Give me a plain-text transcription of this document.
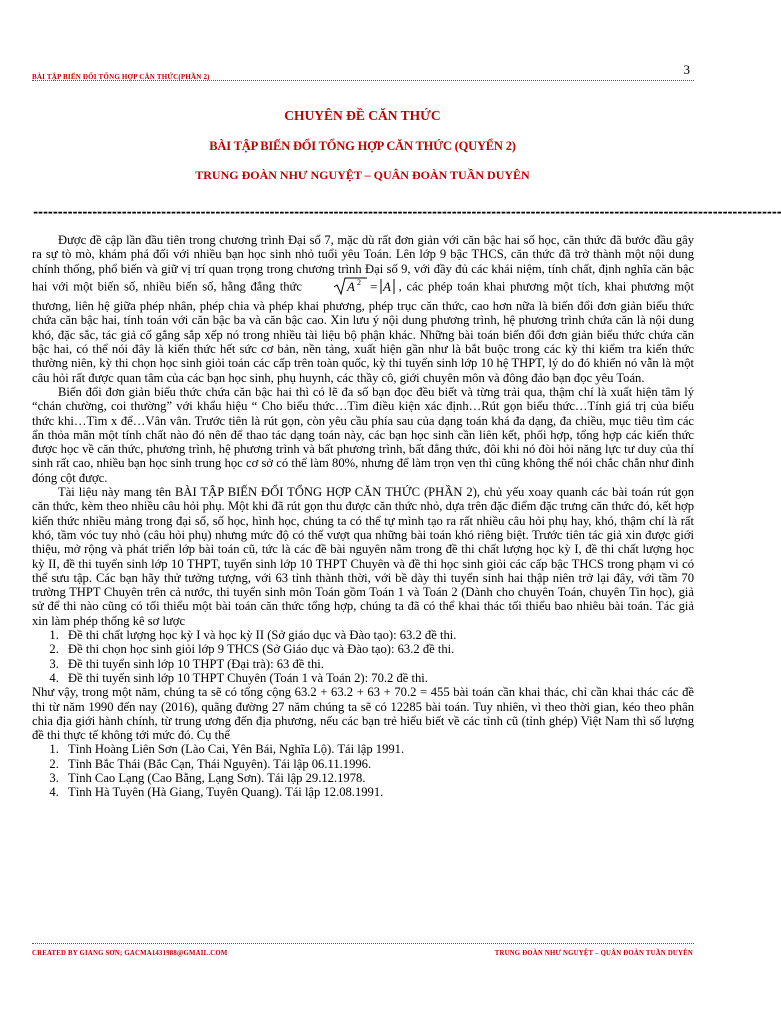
BÀI TẬP BIẾN ĐỔI TỔNG HỢP CĂN THỨC(PHẦN 2)	3
CHUYÊN ĐỀ CĂN THỨC
BÀI TẬP BIẾN ĐỔI TỔNG HỢP CĂN THỨC (QUYỂN 2)
TRUNG ĐOÀN NHƯ NGUYỆT – QUÂN ĐOÀN TUẦN DUYÊN
--------------------------------------------------------------------------------------------------------------------------------------------------------

Được đề cập lần đầu tiên trong chương trình Đại số 7, mặc dù rất đơn giản với căn bậc hai số học, căn thức đã bước đầu gây ra sự tò mò, khám phá đối với nhiều bạn học sinh nhỏ tuổi yêu Toán. Lên lớp 9 bậc THCS, căn thức đã trở thành một nội dung chính thống, phổ biến và giữ vị trí quan trọng trong chương trình Đại số 9, với đầy đủ các khái niệm, tính chất, định nghĩa căn bậc hai với một biến số, nhiều biến số, hằng đẳng thức	A 2 = A , các phép toán khai phương một tích, khai phương một thương, liên hệ giữa phép nhân, phép chia và phép khai phương, phép trục căn thức, cao hơn nữa là biến đổi đơn giản biểu thức chứa căn bậc hai, tính toán với căn bậc ba và căn bậc cao. Xin lưu ý nội dung phương trình, hệ phương trình chứa căn là nội dung khó, đặc sắc, tác giả cố gắng sắp xếp nó trong nhiều tài liệu bộ phận khác. Những bài toán biến đổi đơn giản biểu thức chứa căn bậc hai, có thể nói đây là kiến thức hết sức cơ bản, nền tảng, xuất hiện gần như là bắt buộc trong các kỳ thi kiểm tra kiến thức thường niên, kỳ thi chọn học sinh giỏi toán các cấp trên toàn quốc, kỳ thi tuyển sinh lớp 10 hệ THPT, lý do đó khiến nó vẫn là một câu hỏi rất được quan tâm của các bạn học sinh, phụ huynh, các thầy cô, giới chuyên môn và đông đảo bạn đọc yêu Toán.

Biến đổi đơn giản biểu thức chứa căn bậc hai thì có lẽ đa số bạn đọc đều biết và từng trải qua, thậm chí là xuất hiện tâm lý “chán chường, coi thường” với khẩu hiệu “ Cho biểu thức…Tìm điều kiện xác định…Rút gọn biểu thức…Tính giá trị của biểu thức khi…Tìm x để…Vân vân. Trước tiên là rút gọn, còn yêu cầu phía sau của dạng toán khá đa dạng, đa chiều, mục tiêu tìm các ẩn thỏa mãn một tính chất nào đó nên để thao tác dạng toán này, các bạn học sinh cần liên kết, phối hợp, tổng hợp các kiến thức được học về căn thức, phương trình, hệ phương trình và bất phương trình, bất đẳng thức, đôi khi nó đòi hỏi năng lực tư duy của thí sinh rất cao, nhiều bạn học sinh trung học cơ sở có thể làm 80%, nhưng để làm trọn vẹn thì cũng không thể nói chắc chắn như đinh đóng cột được.

Tài liệu này mang tên BÀI TẬP BIẾN ĐỔI TỔNG HỢP CĂN THỨC (PHẦN 2), chủ yếu xoay quanh các bài toán rút gọn căn thức, kèm theo nhiều câu hỏi phụ. Một khi đã rút gọn thu được căn thức nhỏ, dựa trên đặc điểm đặc trưng căn thức đó, kết hợp kiến thức nhiều mảng trong đại số, số học, hình học, chúng ta có thể tự mình tạo ra rất nhiều câu hỏi phụ hay, khó, thậm chí là rất khó, tầm vóc tuy nhỏ (câu hỏi phụ) nhưng mức độ có thể vượt qua những bài toán khó riêng biệt. Trước tiên tác giả xin được giới thiệu, mở rộng và phát triển lớp bài toán cũ, tức là các đề bài nguyên nằm trong đề thi chất lượng học kỳ I, đề thi chất lượng học kỳ II, đề thi tuyển sinh lớp 10 THPT, tuyển sinh lớp 10 THPT Chuyên và đề thi học sinh giỏi các cấp bậc THCS trong phạm vi có thể sưu tập. Các bạn hãy thử tưởng tượng, với 63 tỉnh thành thời, với bề dày thi tuyển sinh hai thập niên trở lại đây, với tầm 70 trường THPT Chuyên trên cả nước, thi tuyển sinh môn Toán gồm Toán 1 và Toán 2 (Dành cho chuyên Toán, chuyên Tin học), giả sử để thi nào cũng có tối thiểu một bài toán căn thức tổng hợp, chúng ta đã có thể khai thác tối thiểu bao nhiêu bài toán. Tác giả xin làm phép thống kê sơ lược

1. Đề thi chất lượng học kỳ I và học kỳ II (Sở giáo dục và Đào tạo): 63.2 đề thi.
2. Đề thi chọn học sinh giỏi lớp 9 THCS (Sở Giáo dục và Đào tạo): 63.2 đề thi.
3. Đề thi tuyển sinh lớp 10 THPT (Đại trà): 63 đề thi.
4. Đề thi tuyển sinh lớp 10 THPT Chuyên (Toán 1 và Toán 2): 70.2 đề thi.

Như vậy, trong một năm, chúng ta sẽ có tổng cộng 63.2 + 63.2 + 63 + 70.2 = 455 bài toán cần khai thác, chỉ cần khai thác các đề thi từ năm 1990 đến nay (2016), quãng đường 27 năm chúng ta sẽ có 12285 bài toán. Tuy nhiên, vì theo thời gian, kéo theo phân chia địa giới hành chính, từ trung ương đến địa phương, nếu các bạn trẻ hiểu biết về các tỉnh cũ (tỉnh ghép) Việt Nam thì số lượng đề thi thực tế không tới mức đó. Cụ thể

1. Tỉnh Hoàng Liên Sơn (Lào Cai, Yên Bái, Nghĩa Lộ). Tái lập 1991.
2. Tỉnh Bắc Thái (Bắc Cạn, Thái Nguyên). Tái lập 06.11.1996.
3. Tỉnh Cao Lạng (Cao Bằng, Lạng Sơn). Tái lập 29.12.1978.
4. Tỉnh Hà Tuyên (Hà Giang, Tuyên Quang). Tái lập 12.08.1991.
CREATED BY GIANG SƠN; GACMA1431988@GMAIL.COM	TRUNG ĐOÀN NHƯ NGUYỆT – QUÂN ĐOÀN TUẦN DUYÊN
